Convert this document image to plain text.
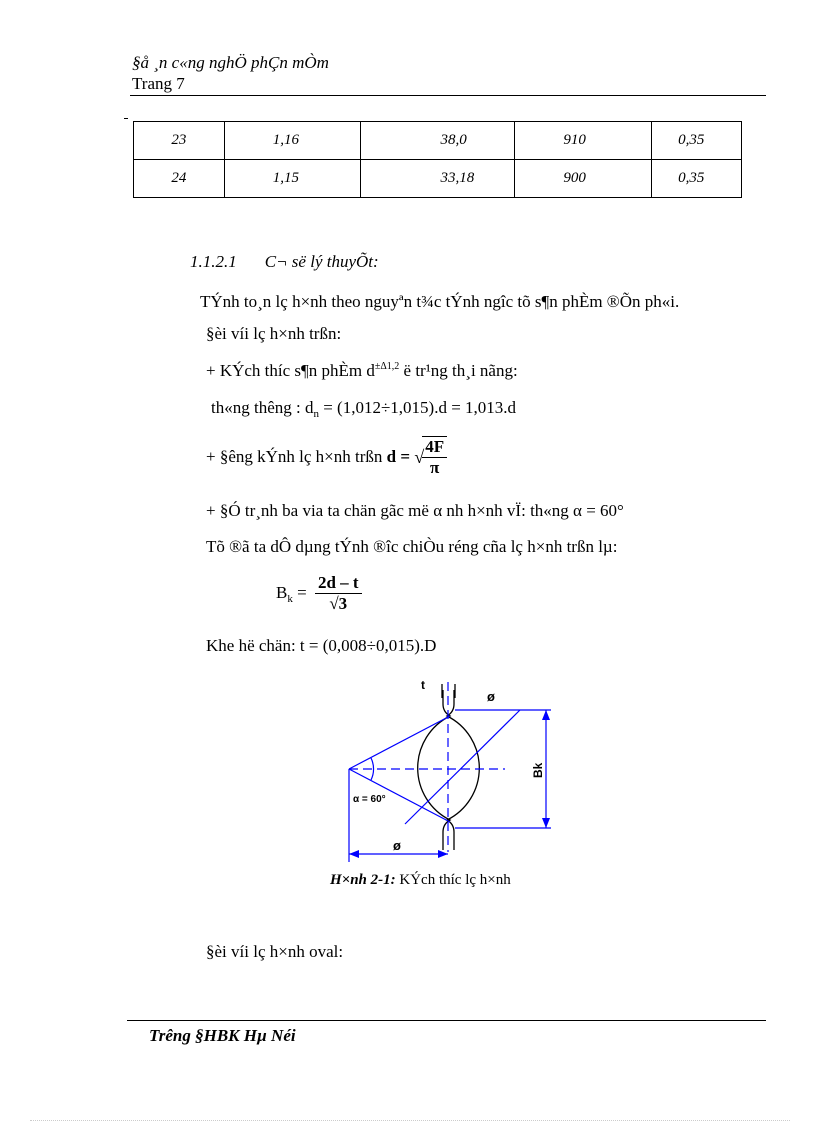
§å ¸n c«ng nghÖ phÇn mÒm
Trang 7
23	1,16	38,0	910	0,35

24	1,15	33,18	900	0,35
1.1.2.1 C¬ së lý thuyÕt:
TÝnh to¸n lç h×nh theo nguyªn t¾c tÝnh ngîc tõ s¶n phÈm ®Õn ph«i.
§èi víi lç h×nh trßn:
+ KÝch thíc s¶n phÈm $d^{\pm\Delta 1,2}$ ë tr¹ng th¸i nãng:
th«ng thêng : $d_n = (1,012\div 1,015).d = 1,013.d$
+ §êng kÝnh lç h×nh trßn d = √
$\frac{4F}{\pi}$
+ §Ó tr¸nh ba via ta chän gãc më α nh h×nh vÏ: th«ng α = 60°
Tõ ®ã ta dÔ dµng tÝnh ®îc chiÒu réng cña lç h×nh trßn lµ:
$B_k = \frac{2d - t}{√3}$
Khe hë chän: t = (0,008÷0,015).D
t
ø
α = 60°
ø
Bk
H×nh 2-1: KÝch thíc lç h×nh
§èi víi lç h×nh oval:
Trêng §HBK Hµ Néi
